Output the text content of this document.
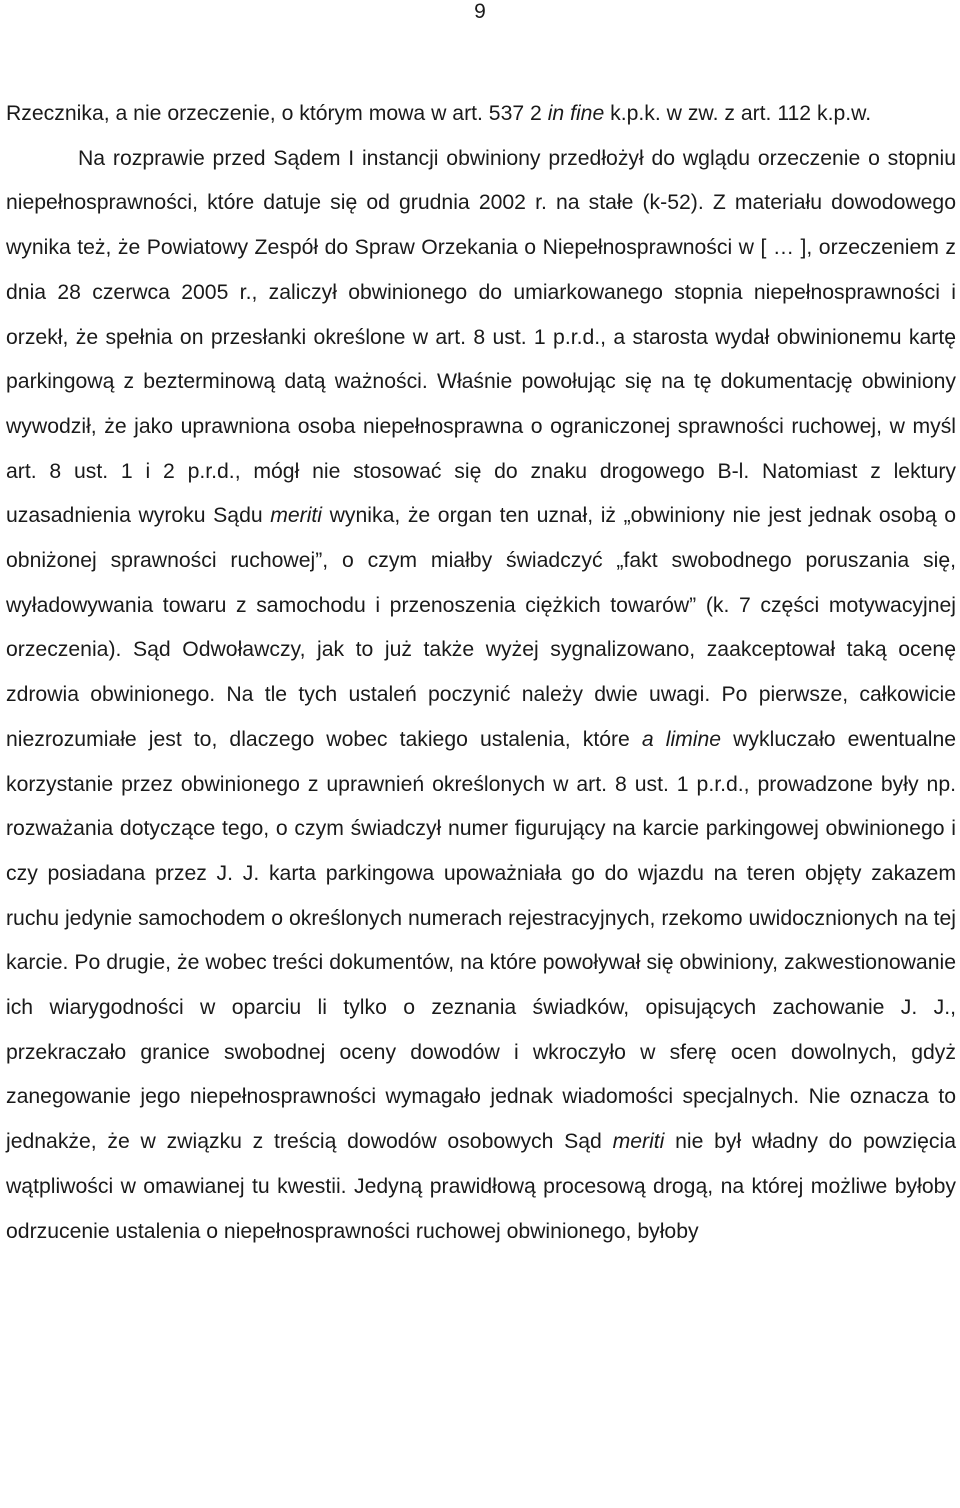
9

Rzecznika, a nie orzeczenie, o którym mowa w art. 537 2 in fine k.p.k. w zw. z art. 112 k.p.w.

Na rozprawie przed Sądem I instancji obwiniony przedłożył do wglądu orzeczenie o stopniu niepełnosprawności, które datuje się od grudnia 2002 r. na stałe (k-52). Z materiału dowodowego wynika też, że Powiatowy Zespół do Spraw Orzekania o Niepełnosprawności w [ … ], orzeczeniem z dnia 28 czerwca 2005 r., zaliczył obwinionego do umiarkowanego stopnia niepełnosprawności i orzekł, że spełnia on przesłanki określone w art. 8 ust. 1 p.r.d., a starosta wydał obwinionemu kartę parkingową z bezterminową datą ważności. Właśnie powołując się na tę dokumentację obwiniony wywodził, że jako uprawniona osoba niepełnosprawna o ograniczonej sprawności ruchowej, w myśl art. 8 ust. 1 i 2 p.r.d., mógł nie stosować się do znaku drogowego B-l. Natomiast z lektury uzasadnienia wyroku Sądu meriti wynika, że organ ten uznał, iż „obwiniony nie jest jednak osobą o obniżonej sprawności ruchowej”, o czym miałby świadczyć „fakt swobodnego poruszania się, wyładowywania towaru z samochodu i przenoszenia ciężkich towarów” (k. 7 części motywacyjnej orzeczenia). Sąd Odwoławczy, jak to już także wyżej sygnalizowano, zaakceptował taką ocenę zdrowia obwinionego. Na tle tych ustaleń poczynić należy dwie uwagi. Po pierwsze, całkowicie niezrozumiałe jest to, dlaczego wobec takiego ustalenia, które a limine wykluczało ewentualne korzystanie przez obwinionego z uprawnień określonych w art. 8 ust. 1 p.r.d., prowadzone były np. rozważania dotyczące tego, o czym świadczył numer figurujący na karcie parkingowej obwinionego i czy posiadana przez J. J. karta parkingowa upoważniała go do wjazdu na teren objęty zakazem ruchu jedynie samochodem o określonych numerach rejestracyjnych, rzekomo uwidocznionych na tej karcie. Po drugie, że wobec treści dokumentów, na które powoływał się obwiniony, zakwestionowanie ich wiarygodności w oparciu li tylko o zeznania świadków, opisujących zachowanie J. J., przekraczało granice swobodnej oceny dowodów i wkroczyło w sferę ocen dowolnych, gdyż zanegowanie jego niepełnosprawności wymagało jednak wiadomości specjalnych. Nie oznacza to jednakże, że w związku z treścią dowodów osobowych Sąd meriti nie był władny do powzięcia wątpliwości w omawianej tu kwestii. Jedyną prawidłową procesową drogą, na której możliwe byłoby odrzucenie ustalenia o niepełnosprawności ruchowej obwinionego, byłoby
